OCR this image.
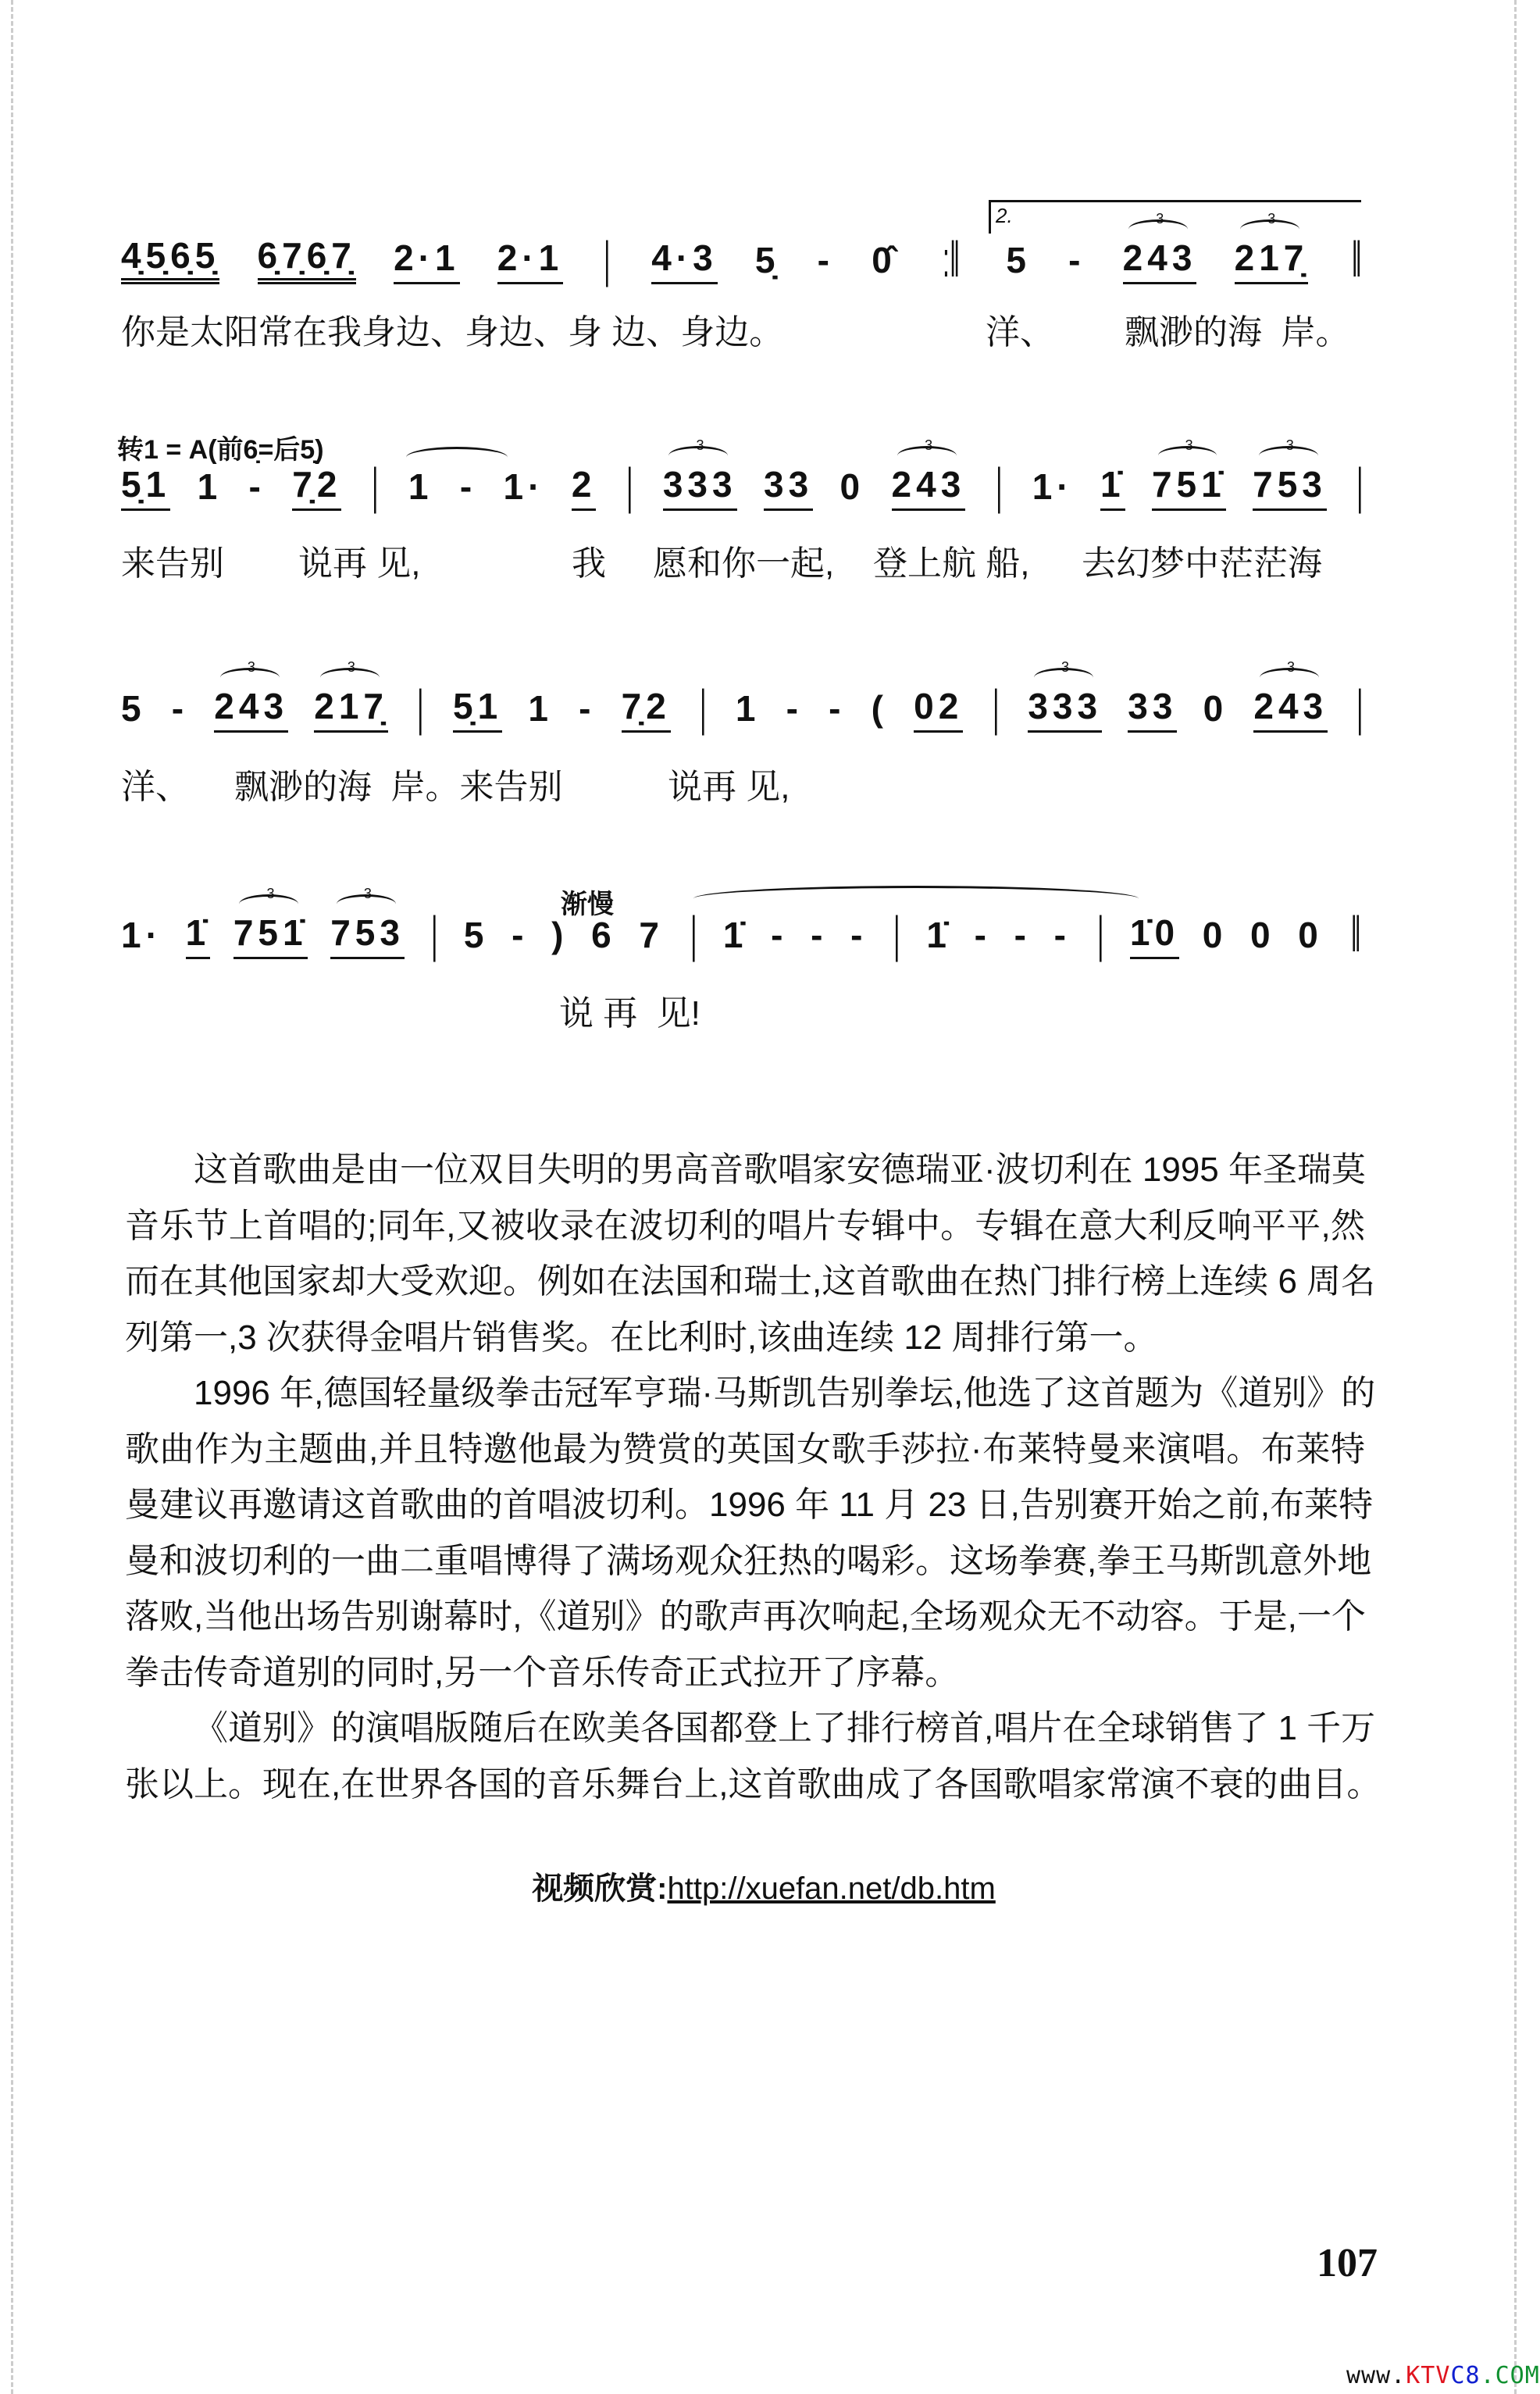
2.
转1 = A(前6̣=后5̣)
渐慢
4̣5̣6̣5̣ 6̣7̣6̣7̣ 2·1 2·1 | 4·3 5̣ - 0̂ :‖ 5 - 243 3 217̣ 3 ‖
5̣1 1 - 7̣2 | 1 - 1· 2 | 333 3 33 0 243 3 | 1· 1̇ 751̇ 3 753 3 |
5 - 243 3 217̣ 3 | 5̣1 1 - 7̣2 | 1 - - ( 02 | 333 3 33 0 243 3 |
1· 1̇ 751̇ 3 753 3 | 5 - ) 6 7 | 1̇ - - - | 1̇ - - - | 1̇0 0 0 0 ‖
你是太阳常在我身边、身边、身 边、身边。	洋、 飘渺的海  岸。
来告别 说再 见,	我 愿和你一起, 登上航 船, 去幻梦中茫茫海
洋、 飘渺的海  岸。来告别	说再 见,
说 再  见!
这首歌曲是由一位双目失明的男高音歌唱家安德瑞亚·波切利在 1995 年圣瑞莫
音乐节上首唱的;同年,又被收录在波切利的唱片专辑中。专辑在意大利反响平平,然
而在其他国家却大受欢迎。例如在法国和瑞士,这首歌曲在热门排行榜上连续 6 周名
列第一,3 次获得金唱片销售奖。在比利时,该曲连续 12 周排行第一。
1996 年,德国轻量级拳击冠军亨瑞·马斯凯告别拳坛,他选了这首题为《道别》的
歌曲作为主题曲,并且特邀他最为赞赏的英国女歌手莎拉·布莱特曼来演唱。布莱特
曼建议再邀请这首歌曲的首唱波切利。1996 年 11 月 23 日,告别赛开始之前,布莱特
曼和波切利的一曲二重唱博得了满场观众狂热的喝彩。这场拳赛,拳王马斯凯意外地
落败,当他出场告别谢幕时,《道别》的歌声再次响起,全场观众无不动容。于是,一个
拳击传奇道别的同时,另一个音乐传奇正式拉开了序幕。
《道别》的演唱版随后在欧美各国都登上了排行榜首,唱片在全球销售了 1 千万
张以上。现在,在世界各国的音乐舞台上,这首歌曲成了各国歌唱家常演不衰的曲目。
视频欣赏:http://xuefan.net/db.htm
107
www.KTVC8.COM
